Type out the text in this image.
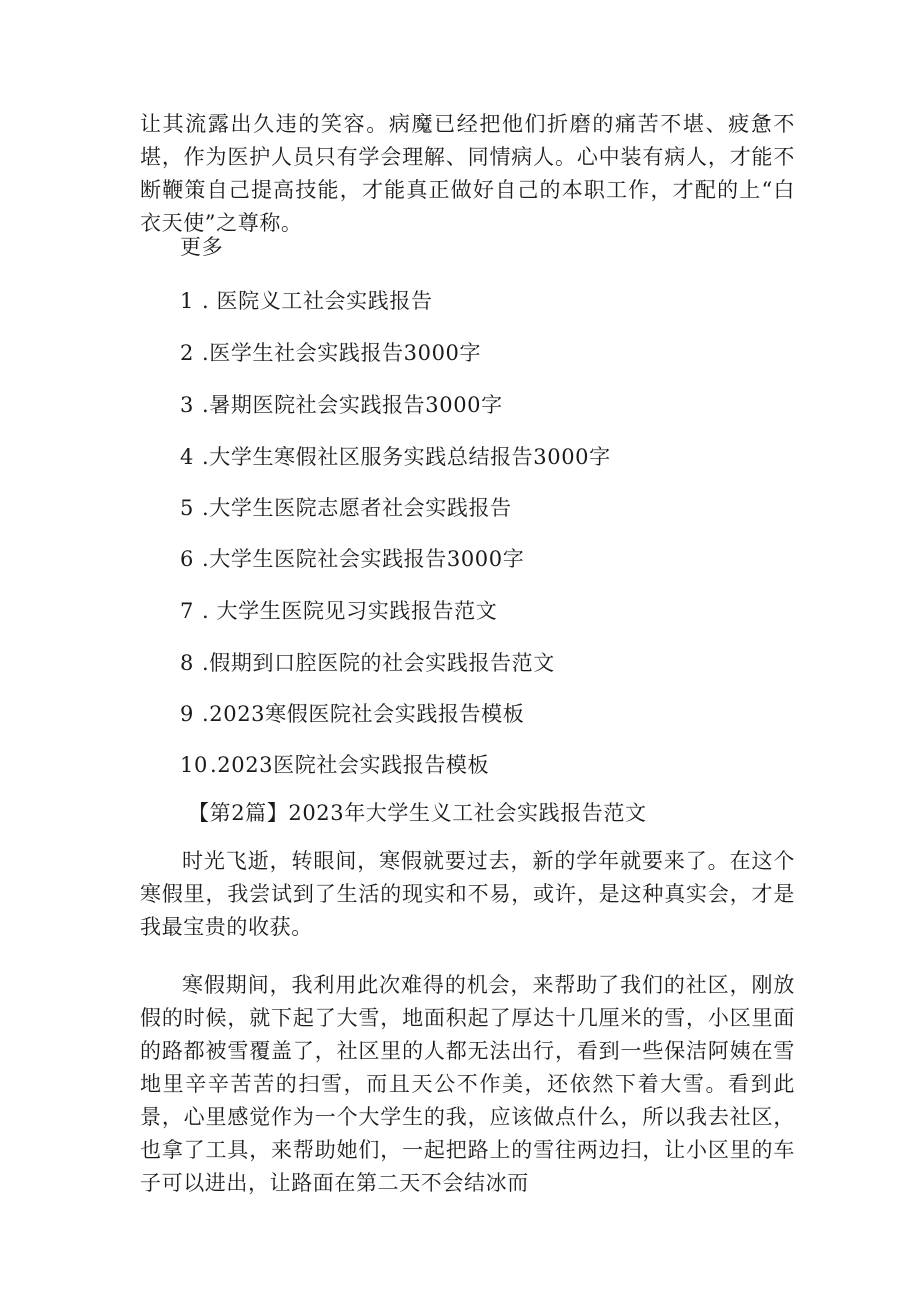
让其流露出久违的笑容。病魔已经把他们折磨的痛苦不堪、疲惫不堪，作为医护人员只有学会理解、同情病人。心中装有病人，才能不断鞭策自己提高技能，才能真正做好自己的本职工作，才配的上“白衣天使”之尊称。

更多
1 . 医院义工社会实践报告
2 .医学生社会实践报告3000字
3 .暑期医院社会实践报告3000字
4 .大学生寒假社区服务实践总结报告3000字
5 .大学生医院志愿者社会实践报告
6 .大学生医院社会实践报告3000字
7 . 大学生医院见习实践报告范文
8 .假期到口腔医院的社会实践报告范文
9 .2023寒假医院社会实践报告模板
10.2023医院社会实践报告模板
【第2篇】2023年大学生义工社会实践报告范文

时光飞逝，转眼间，寒假就要过去，新的学年就要来了。在这个寒假里，我尝试到了生活的现实和不易，或许，是这种真实会，才是我最宝贵的收获。

寒假期间，我利用此次难得的机会，来帮助了我们的社区，刚放假的时候，就下起了大雪，地面积起了厚达十几厘米的雪，小区里面的路都被雪覆盖了，社区里的人都无法出行，看到一些保洁阿姨在雪地里辛辛苦苦的扫雪，而且天公不作美，还依然下着大雪。看到此景，心里感觉作为一个大学生的我，应该做点什么，所以我去社区，也拿了工具，来帮助她们，一起把路上的雪往两边扫，让小区里的车子可以进出，让路面在第二天不会结冰而
